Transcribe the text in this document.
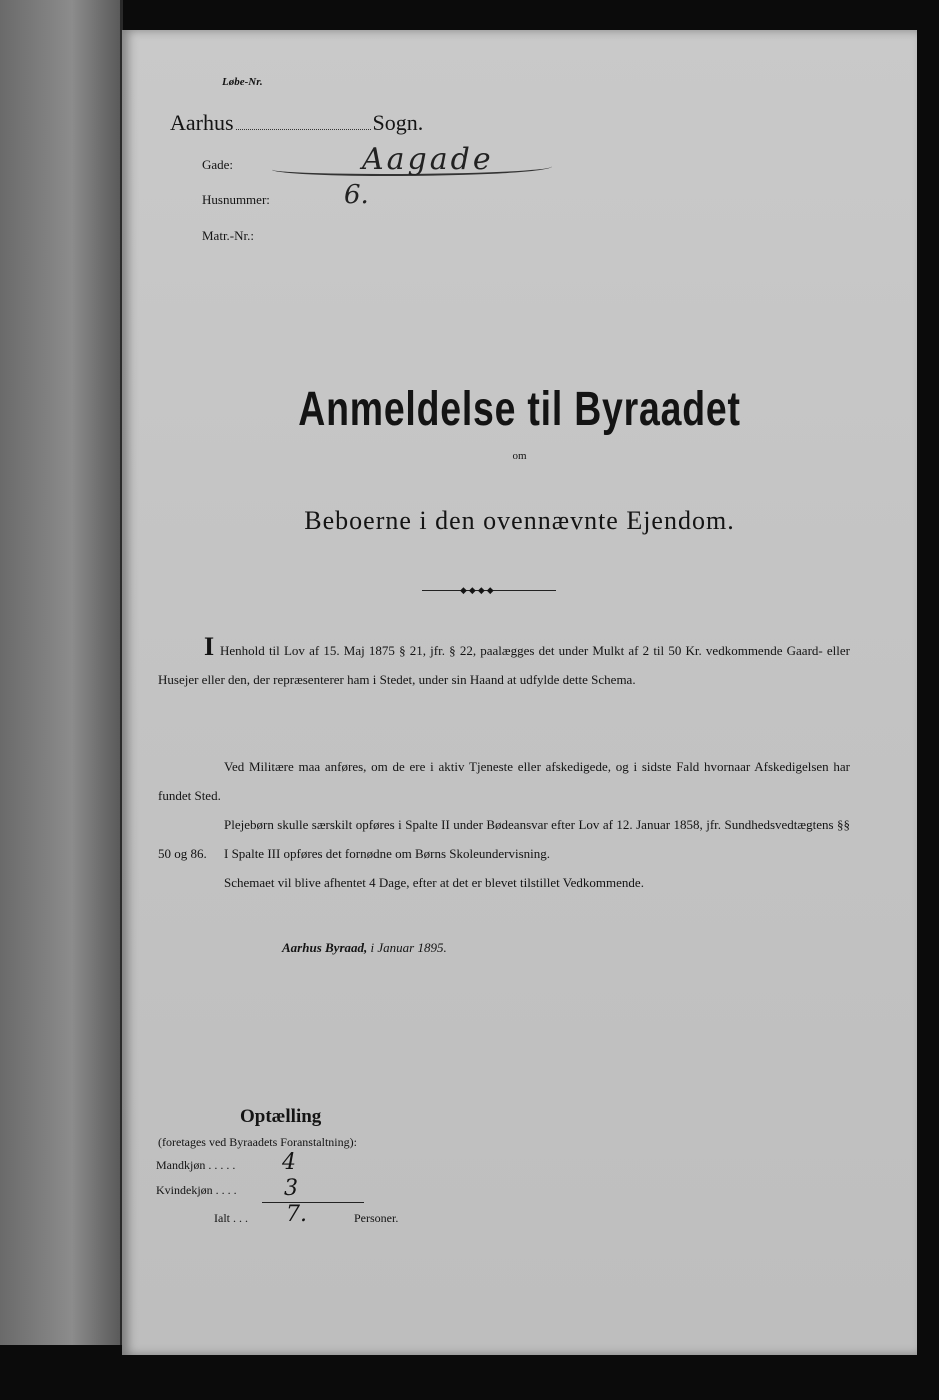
Løbe-Nr.
Aarhus	Sogn.
Gade:	Aagade
Husnummer:	6.
Matr.-Nr.:
Anmeldelse til Byraadet
om
Beboerne i den ovennævnte Ejendom.
◆◆◆◆
I Henhold til Lov af 15. Maj 1875 § 21, jfr. § 22, paalægges det under Mulkt af 2 til 50 Kr. vedkommende Gaard- eller Husejer eller den, der repræsenterer ham i Stedet, under sin Haand at udfylde dette Schema.
Ved Militære maa anføres, om de ere i aktiv Tjeneste eller afskedigede, og i sidste Fald hvornaar Afskedigelsen har fundet Sted.
Plejebørn skulle særskilt opføres i Spalte II under Bødeansvar efter Lov af 12. Januar 1858, jfr. Sundhedsvedtægtens §§ 50 og 86.	I Spalte III opføres det fornødne om Børns Skoleundervisning.
Schemaet vil blive afhentet 4 Dage, efter at det er blevet tilstillet Vedkommende.
Aarhus Byraad, i Januar 1895.
Optælling
(foretages ved Byraadets Foranstaltning):
Mandkjøn . . . . . 4
Kvindekjøn . . . . 3
Ialt . . . 7.	Personer.
